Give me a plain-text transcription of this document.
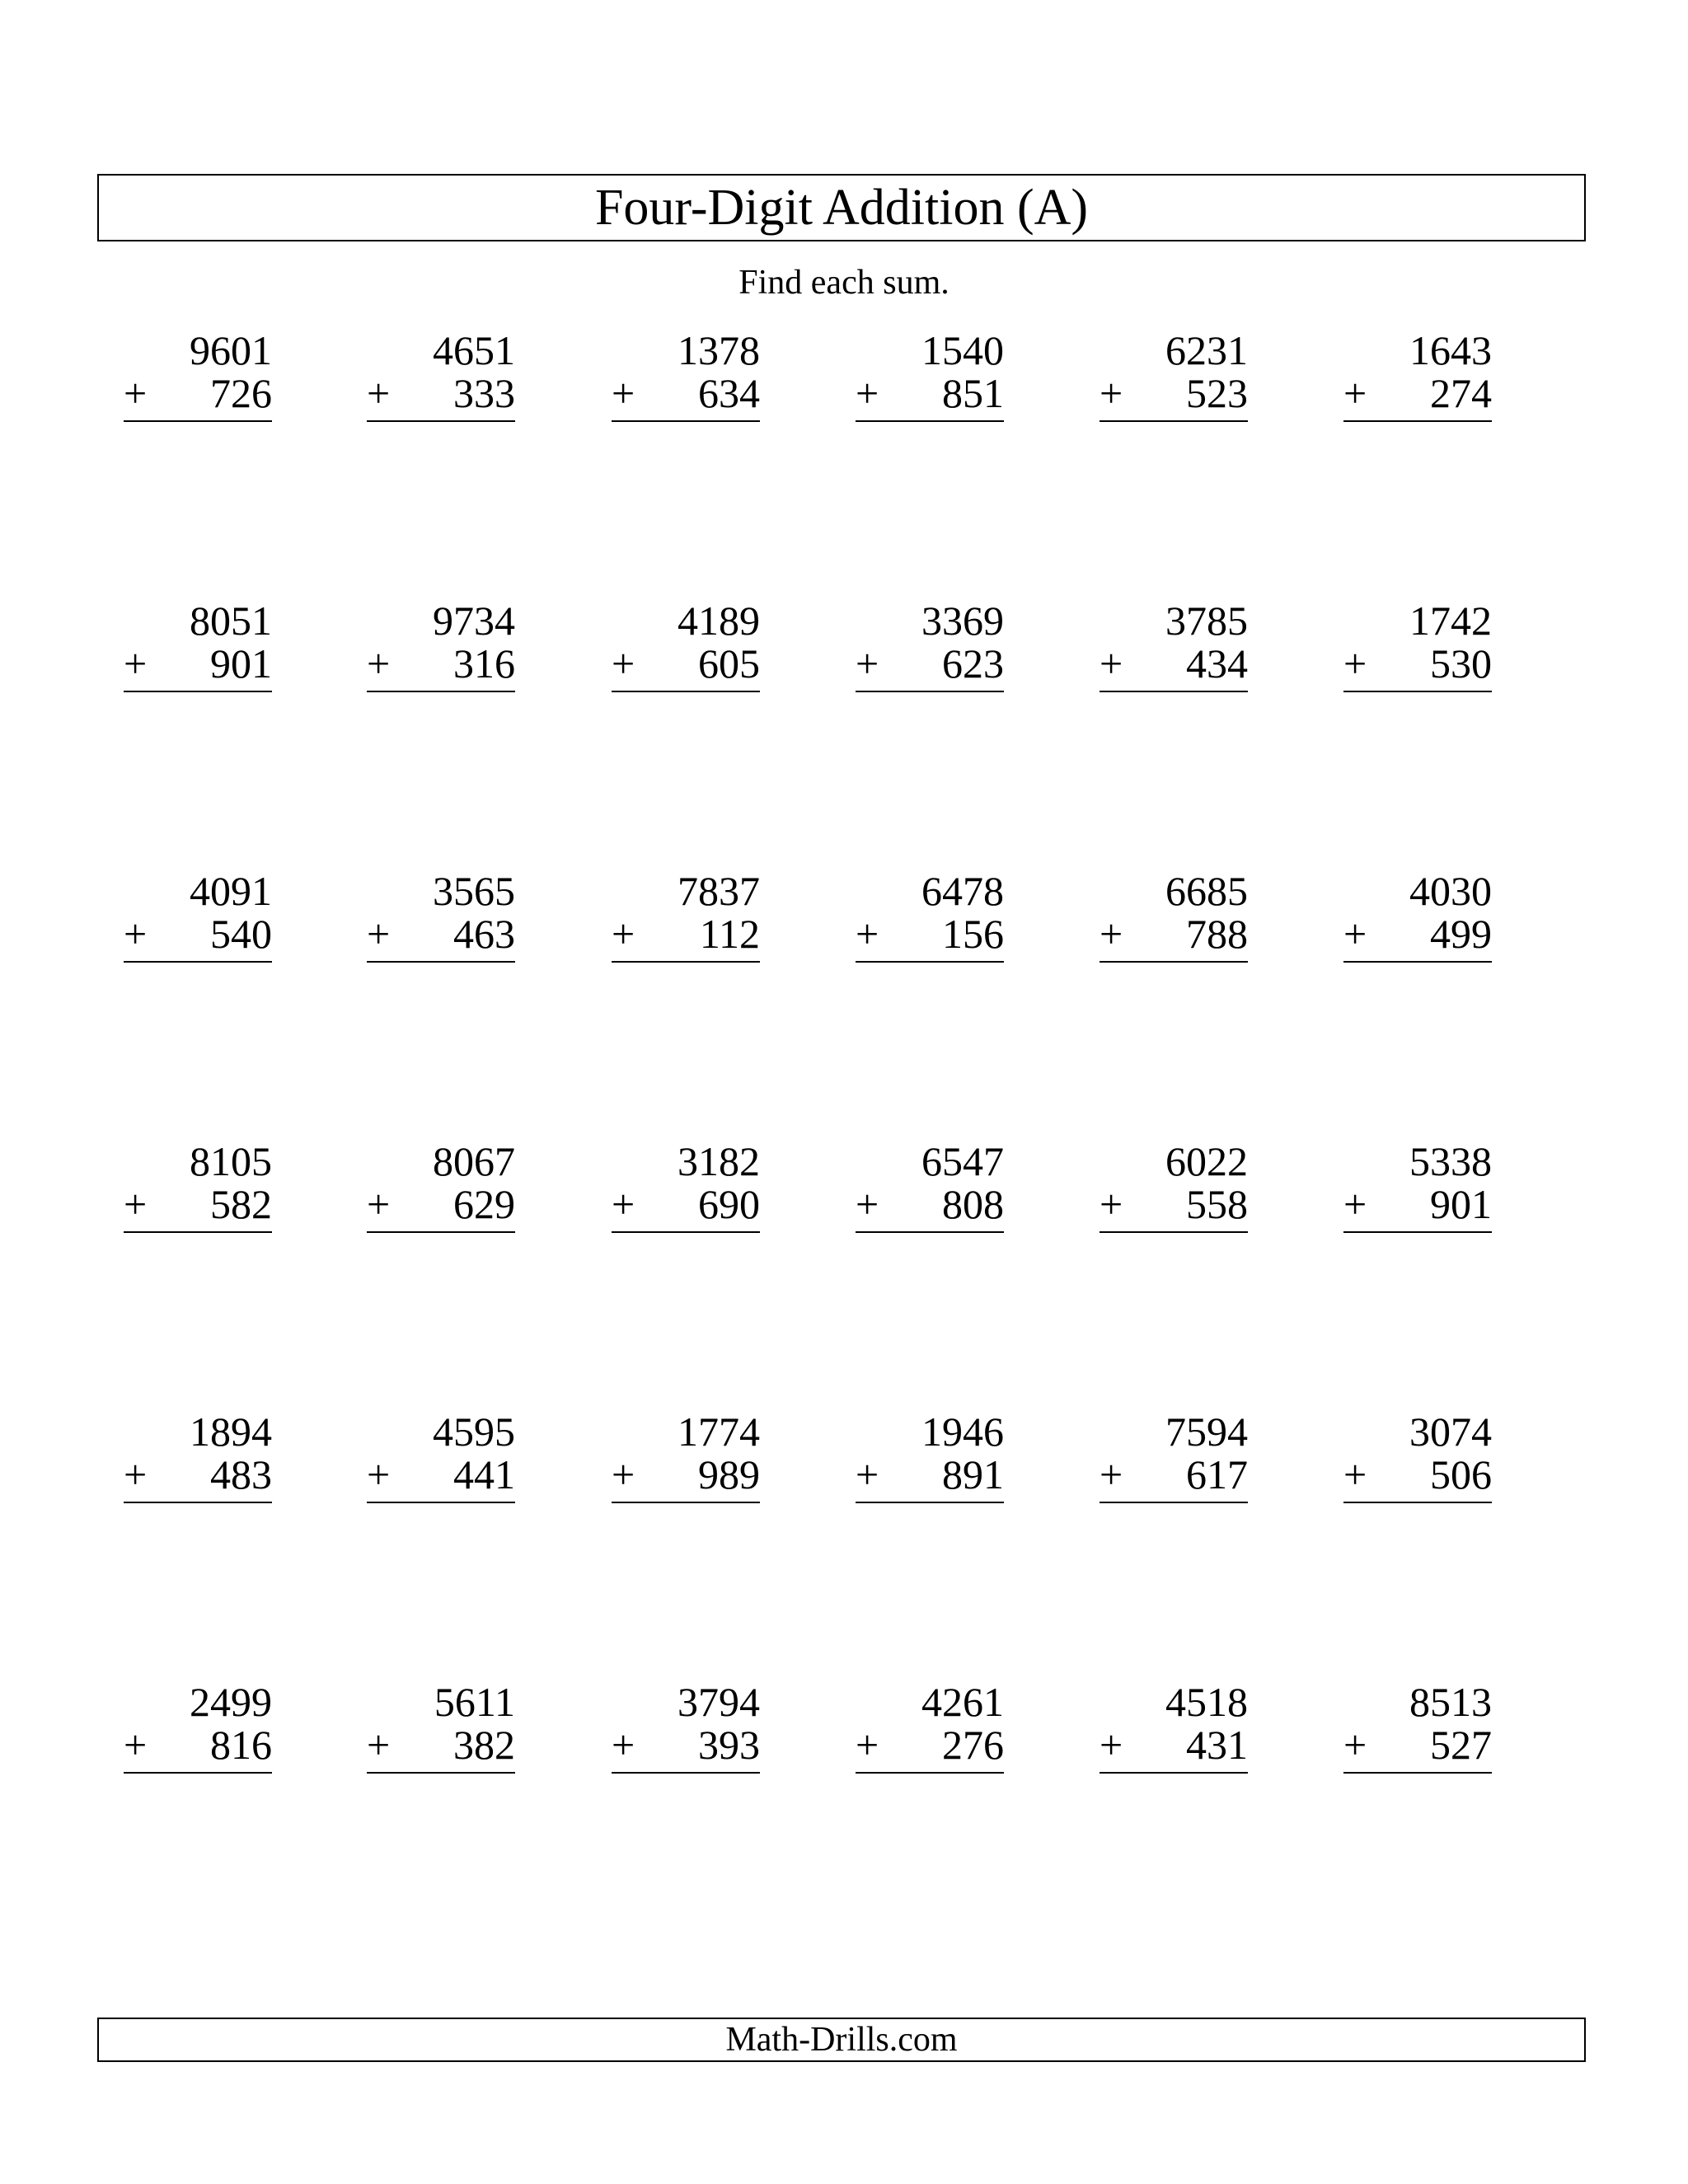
Four-Digit Addition (A)
Find each sum.
9601
+ 726
4651
+ 333
1378
+ 634
1540
+ 851
6231
+ 523
1643
+ 274
8051
+ 901
9734
+ 316
4189
+ 605
3369
+ 623
3785
+ 434
1742
+ 530
4091
+ 540
3565
+ 463
7837
+ 112
6478
+ 156
6685
+ 788
4030
+ 499
8105
+ 582
8067
+ 629
3182
+ 690
6547
+ 808
6022
+ 558
5338
+ 901
1894
+ 483
4595
+ 441
1774
+ 989
1946
+ 891
7594
+ 617
3074
+ 506
2499
+ 816
5611
+ 382
3794
+ 393
4261
+ 276
4518
+ 431
8513
+ 527
Math-Drills.com
